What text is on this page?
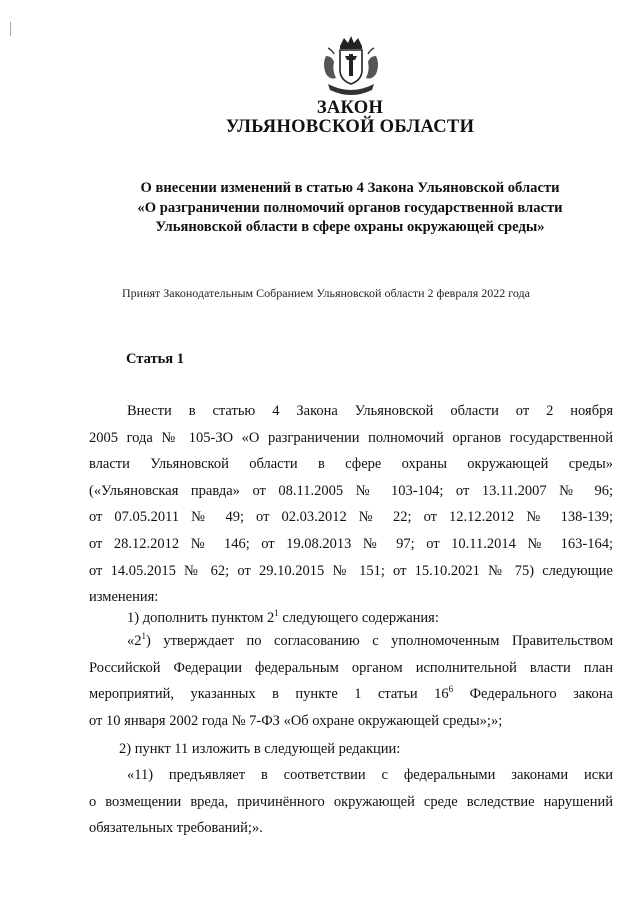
ЗАКОН
УЛЬЯНОВСКОЙ ОБЛАСТИ
О внесении изменений в статью 4 Закона Ульяновской области
«О разграничении полномочий органов государственной власти
Ульяновской области в сфере охраны окружающей среды»
Принят Законодательным Собранием Ульяновской области 2 февраля 2022 года
Статья 1
Внести в статью 4 Закона Ульяновской области от 2 ноября
2005 года № 105-ЗО «О разграничении полномочий органов государственной
власти Ульяновской области в сфере охраны окружающей среды»
(«Ульяновская правда» от 08.11.2005 № 103-104; от 13.11.2007 № 96;
от 07.05.2011 № 49; от 02.03.2012 № 22; от 12.12.2012 № 138-139;
от 28.12.2012 № 146; от 19.08.2013 № 97; от 10.11.2014 № 163-164;
от 14.05.2015 № 62; от 29.10.2015 № 151; от 15.10.2021 № 75) следующие
изменения:
1) дополнить пунктом $2^1$ следующего содержания:
«$2^1$) утверждает по согласованию с уполномоченным Правительством
Российской Федерации федеральным органом исполнительной власти план
мероприятий, указанных в пункте 1 статьи $16^6$ Федерального закона
от 10 января 2002 года № 7-ФЗ «Об охране окружающей среды»;»;
2) пункт 11 изложить в следующей редакции:
«11) предъявляет в соответствии с федеральными законами иски
о возмещении вреда, причинённого окружающей среде вследствие нарушений
обязательных требований;».
